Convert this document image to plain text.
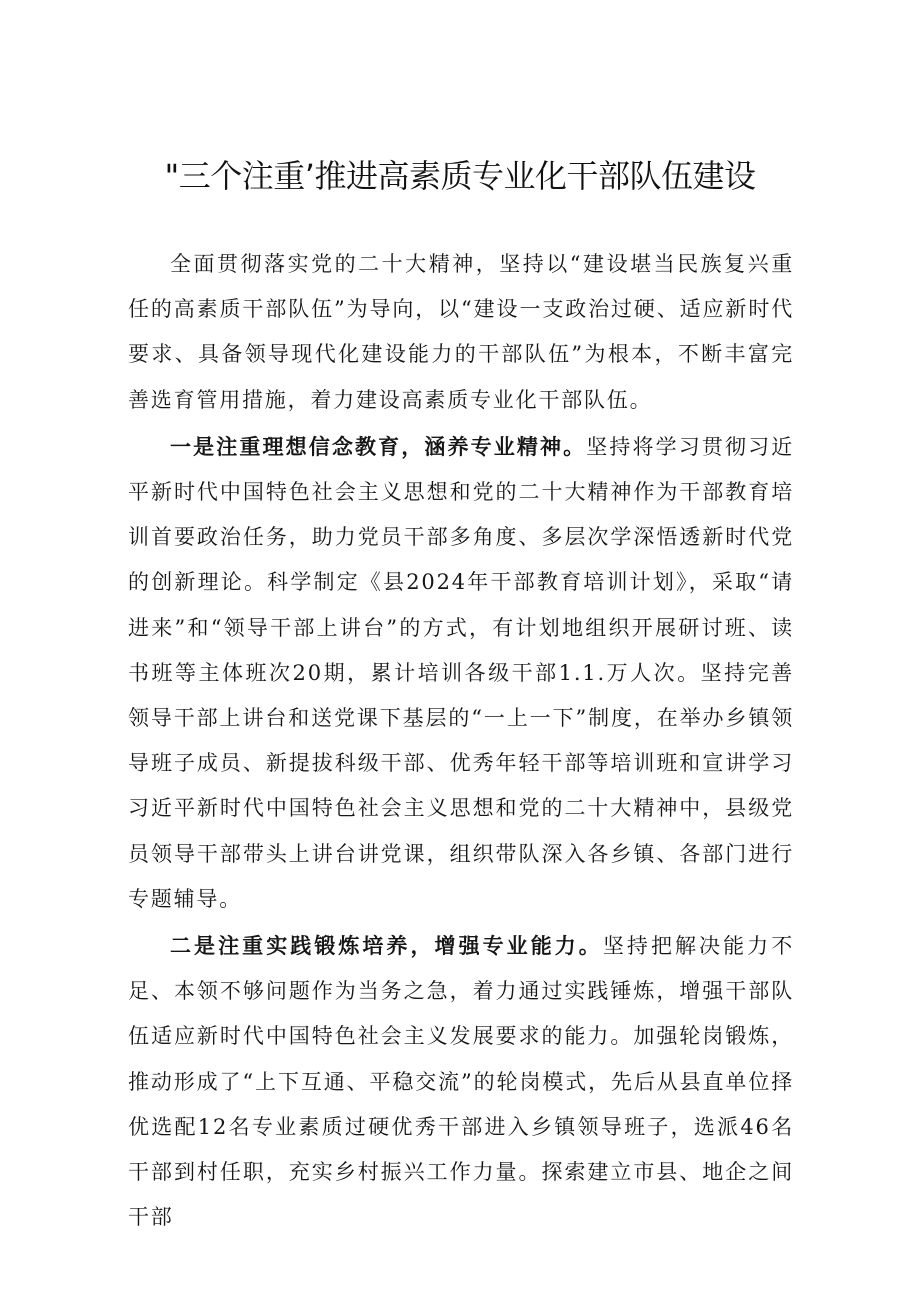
"三个注重’推进高素质专业化干部队伍建设

全面贯彻落实党的二十大精神，坚持以“建设堪当民族复兴重任的高素质干部队伍”为导向，以“建设一支政治过硬、适应新时代要求、具备领导现代化建设能力的干部队伍”为根本，不断丰富完善选育管用措施，着力建设高素质专业化干部队伍。

一是注重理想信念教育，涵养专业精神。坚持将学习贯彻习近平新时代中国特色社会主义思想和党的二十大精神作为干部教育培训首要政治任务，助力党员干部多角度、多层次学深悟透新时代党的创新理论。科学制定《县2024年干部教育培训计划》，采取“请进来”和“领导干部上讲台”的方式，有计划地组织开展研讨班、读书班等主体班次20期，累计培训各级干部1.1.万人次。坚持完善领导干部上讲台和送党课下基层的“一上一下”制度，在举办乡镇领导班子成员、新提拔科级干部、优秀年轻干部等培训班和宣讲学习习近平新时代中国特色社会主义思想和党的二十大精神中，县级党员领导干部带头上讲台讲党课，组织带队深入各乡镇、各部门进行专题辅导。

二是注重实践锻炼培养，增强专业能力。坚持把解决能力不足、本领不够问题作为当务之急，着力通过实践锤炼，增强干部队伍适应新时代中国特色社会主义发展要求的能力。加强轮岗锻炼，推动形成了“上下互通、平稳交流”的轮岗模式，先后从县直单位择优选配12名专业素质过硬优秀干部进入乡镇领导班子，选派46名干部到村任职，充实乡村振兴工作力量。探索建立市县、地企之间干部
